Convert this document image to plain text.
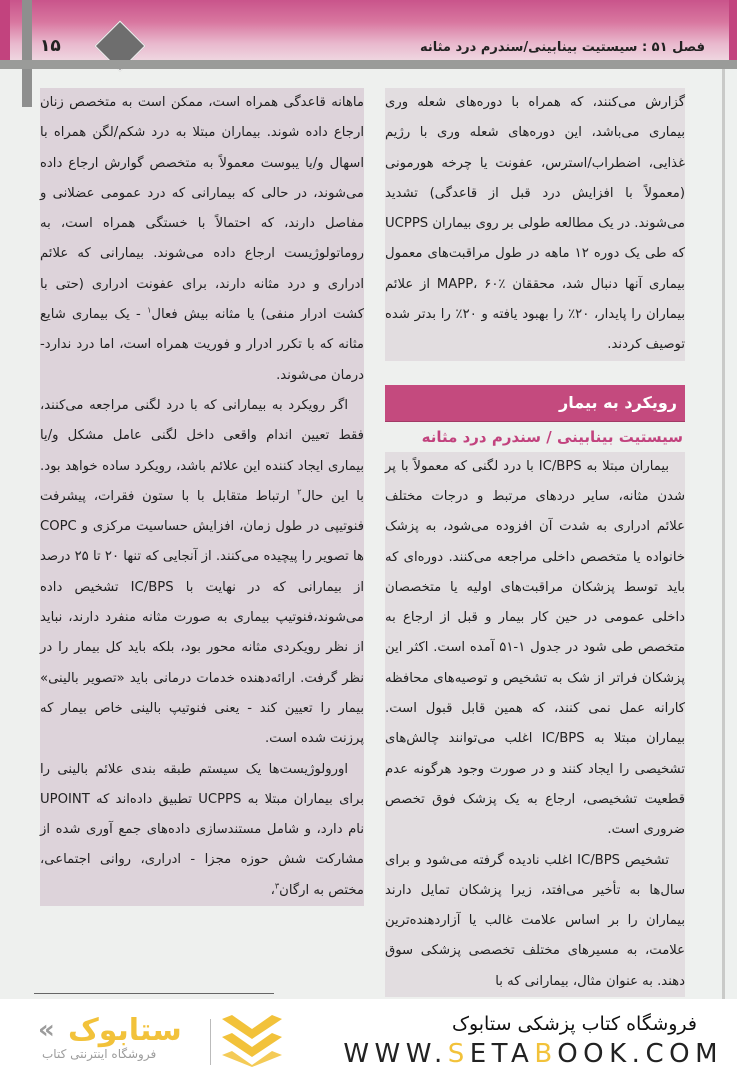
۱۵	فصل ۵۱ : سیستیت بینابینی/سندرم درد مثانه

گزارش می‌کنند، که همراه با دوره‌های شعله وری بیماری می‌باشد، این دوره‌های شعله وری با رژیم غذایی، اضطراب/استرس، عفونت یا چرخه هورمونی (معمولاً با افزایش درد قبل از قاعدگی) تشدید می‌شوند. در یک مطالعه طولی بر روی بیماران UCPPS که طی یک دوره ۱۲ ماهه در طول مراقبت‌های معمول بیماری آنها دنبال شد، محققان MAPP، ۶۰٪ از علائم بیماران را پایدار، ۲۰٪ را بهبود یافته و ۲۰٪ را بدتر شده توصیف کردند.

رویکرد به بیمار
سیستیت بینابینی / سندرم درد مثانه

بیماران مبتلا به IC/BPS با درد لگنی که معمولاً با پر شدن مثانه، سایر دردهای مرتبط و درجات مختلف علائم ادراری به شدت آن افزوده می‌شود، به پزشک خانواده یا متخصص داخلی مراجعه می‌کنند. دوره‌ای که باید توسط پزشکان مراقبت‌های اولیه یا متخصصان داخلی عمومی در حین کار بیمار و قبل از ارجاع به متخصص طی شود در جدول ۱-۵۱ آمده است. اکثر این پزشکان فراتر از شک به تشخیص و توصیه‌های محافظه کارانه عمل نمی کنند، که همین قابل قبول است. بیماران مبتلا به IC/BPS اغلب می‌توانند چالش‌های تشخیصی را ایجاد کنند و در صورت وجود هرگونه عدم قطعیت تشخیصی، ارجاع به یک پزشک فوق تخصص ضروری است.

تشخیص IC/BPS اغلب نادیده گرفته می‌شود و برای سال‌ها به تأخیر می‌افتد، زیرا پزشکان تمایل دارند بیماران را بر اساس علامت غالب یا آزاردهنده‌ترین علامت، به مسیرهای مختلف تخصصی پزشکی سوق دهند. به عنوان مثال، بیمارانی که با

ماهانه قاعدگی همراه است، ممکن است به متخصص زنان ارجاع داده شوند. بیماران مبتلا به درد شکم/لگن همراه با اسهال و/یا یبوست معمولاً به متخصص گوارش ارجاع داده می‌شوند، در حالی که بیمارانی که درد عمومی عضلانی و مفاصل دارند، که احتمالاً با خستگی همراه است، به روماتولوژیست ارجاع داده می‌شوند. بیمارانی که علائم ادراری و درد مثانه دارند، برای عفونت ادراری (حتی با کشت ادرار منفی) یا مثانه بیش فعال$^۱$ - یک بیماری شایع مثانه که با تکرر ادرار و فوریت همراه است، اما درد ندارد- درمان می‌شوند.

اگر رویکرد به بیمارانی که با درد لگنی مراجعه می‌کنند، فقط تعیین اندام واقعی داخل لگنی عامل مشکل و/یا بیماری ایجاد کننده این علائم باشد، رویکرد ساده خواهد بود. با این حال$^۲$ ارتباط متقابل با با ستون فقرات، پیشرفت فنوتیپی در طول زمان، افزایش حساسیت مرکزی و COPC ها تصویر را پیچیده می‌کنند. از آنجایی که تنها ۲۰ تا ۲۵ درصد از بیمارانی که در نهایت با IC/BPS تشخیص داده می‌شوند،فنوتیپ بیماری به صورت مثانه منفرد دارند، نباید از نظر رویکردی مثانه محور بود، بلکه باید کل بیمار را در نظر گرفت. ارائه‌دهنده خدمات درمانی باید «تصویر بالینی» بیمار را تعیین کند - یعنی فنوتیپ بالینی خاص بیمار که پرزنت شده است.

اورولوژیست‌ها یک سیستم طبقه بندی علائم بالینی را برای بیماران مبتلا به UCPPS تطبیق داده‌اند که UPOINT نام دارد، و شامل مستندسازی داده‌های جمع آوری شده از مشارکت شش حوزه مجزا - ادراری، روانی اجتماعی، مختص به ارگان$^۳$،

« ستابوک
فروشگاه اینترنتی کتاب
فروشگاه کتاب پزشکی ستابوک
WWW.SETABOOK.COM
